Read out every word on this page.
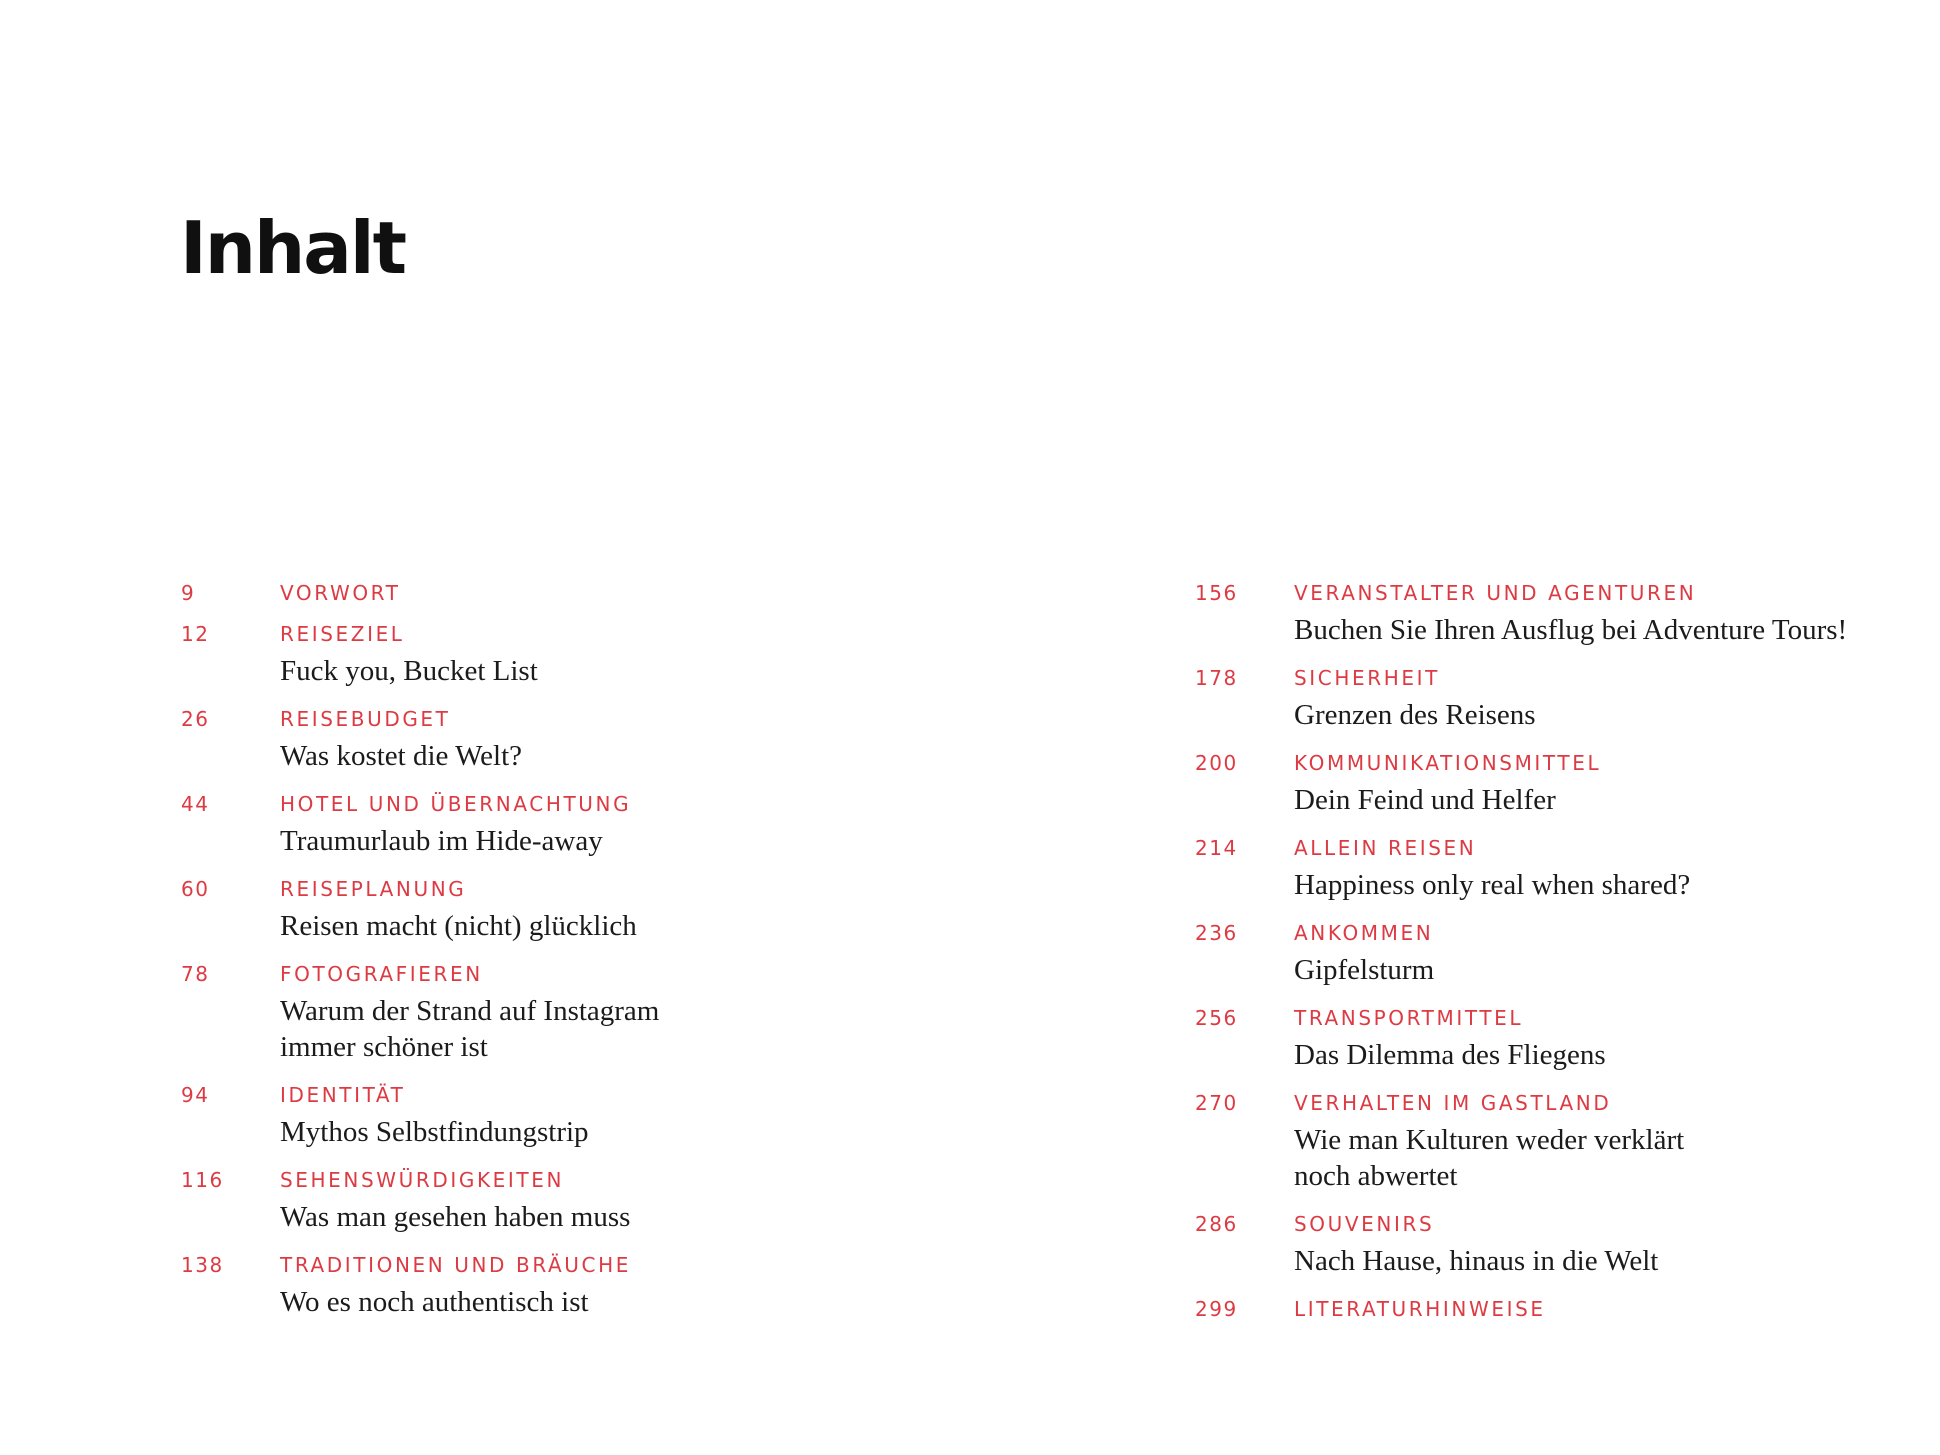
Inhalt
9	VORWORT
12	REISEZIEL
Fuck you, Bucket List
26	REISEBUDGET
Was kostet die Welt?
44	HOTEL UND ÜBERNACHTUNG
Traumurlaub im Hide-away
60	REISEPLANUNG
Reisen macht (nicht) glücklich
78	FOTOGRAFIEREN
Warum der Strand auf Instagram
immer schöner ist
94	IDENTITÄT
Mythos Selbstfindungstrip
116	SEHENSWÜRDIGKEITEN
Was man gesehen haben muss
138	TRADITIONEN UND BRÄUCHE
Wo es noch authentisch ist
156	VERANSTALTER UND AGENTUREN
Buchen Sie Ihren Ausflug bei Adventure Tours!
178	SICHERHEIT
Grenzen des Reisens
200	KOMMUNIKATIONSMITTEL
Dein Feind und Helfer
214	ALLEIN REISEN
Happiness only real when shared?
236	ANKOMMEN
Gipfelsturm
256	TRANSPORTMITTEL
Das Dilemma des Fliegens
270	VERHALTEN IM GASTLAND
Wie man Kulturen weder verklärt
noch abwertet
286	SOUVENIRS
Nach Hause, hinaus in die Welt
299	LITERATURHINWEISE
